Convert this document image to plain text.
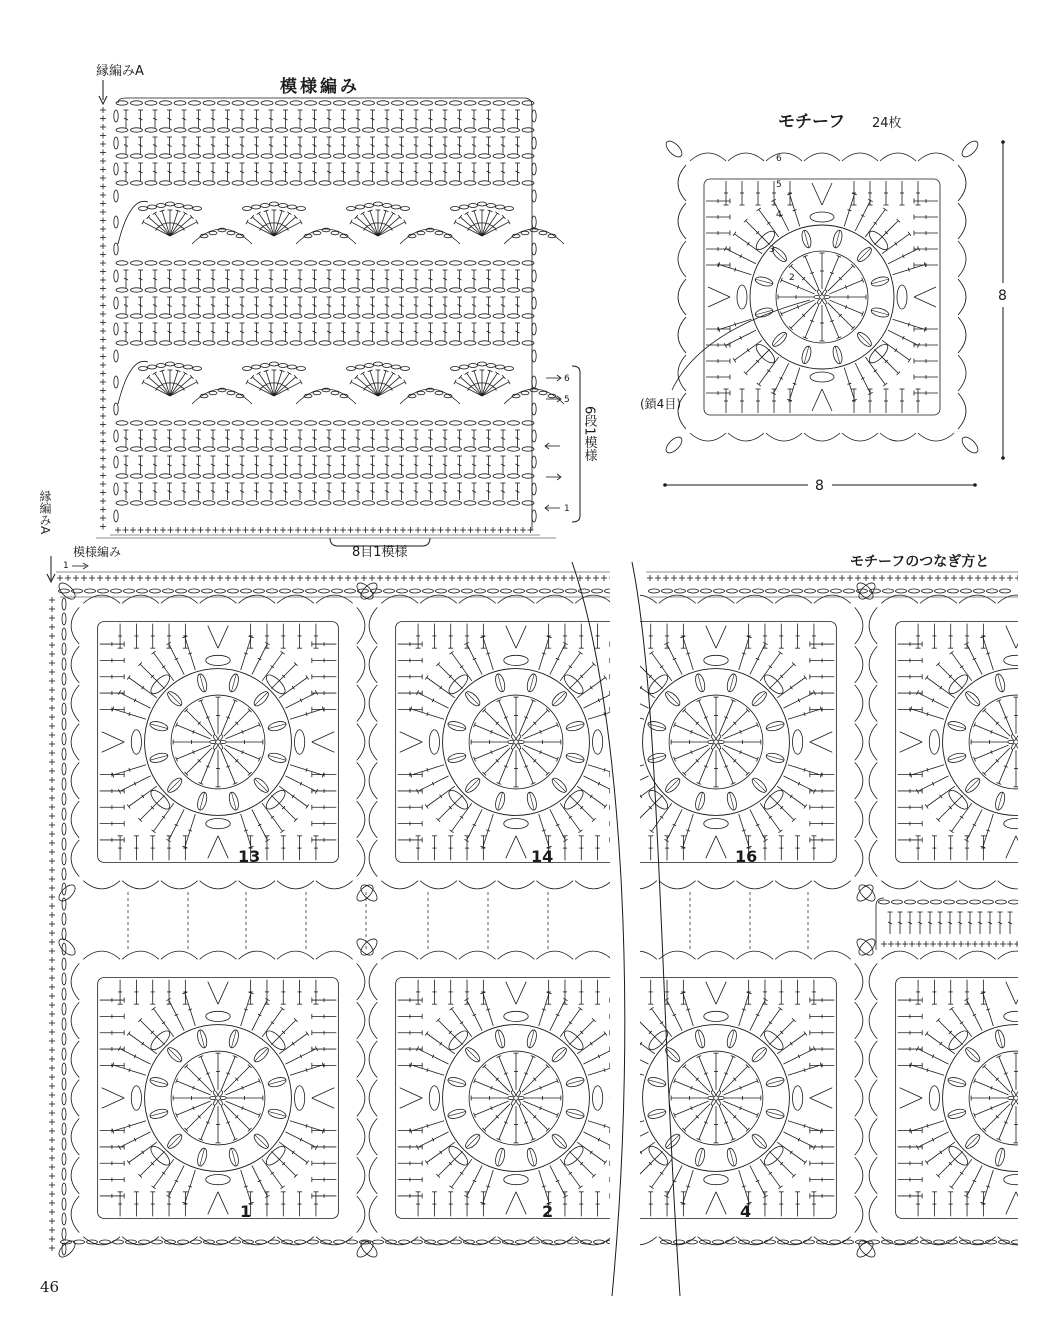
縁編みA
模様編み
6
5
1
6段1模様
8目1模様
モチーフ 24枚
6
5
4
3
2
(鎖4目)
8
8
モチーフのつなぎ方と
縁編みA
模様編み
1
13	14	16
1	2	4
46
